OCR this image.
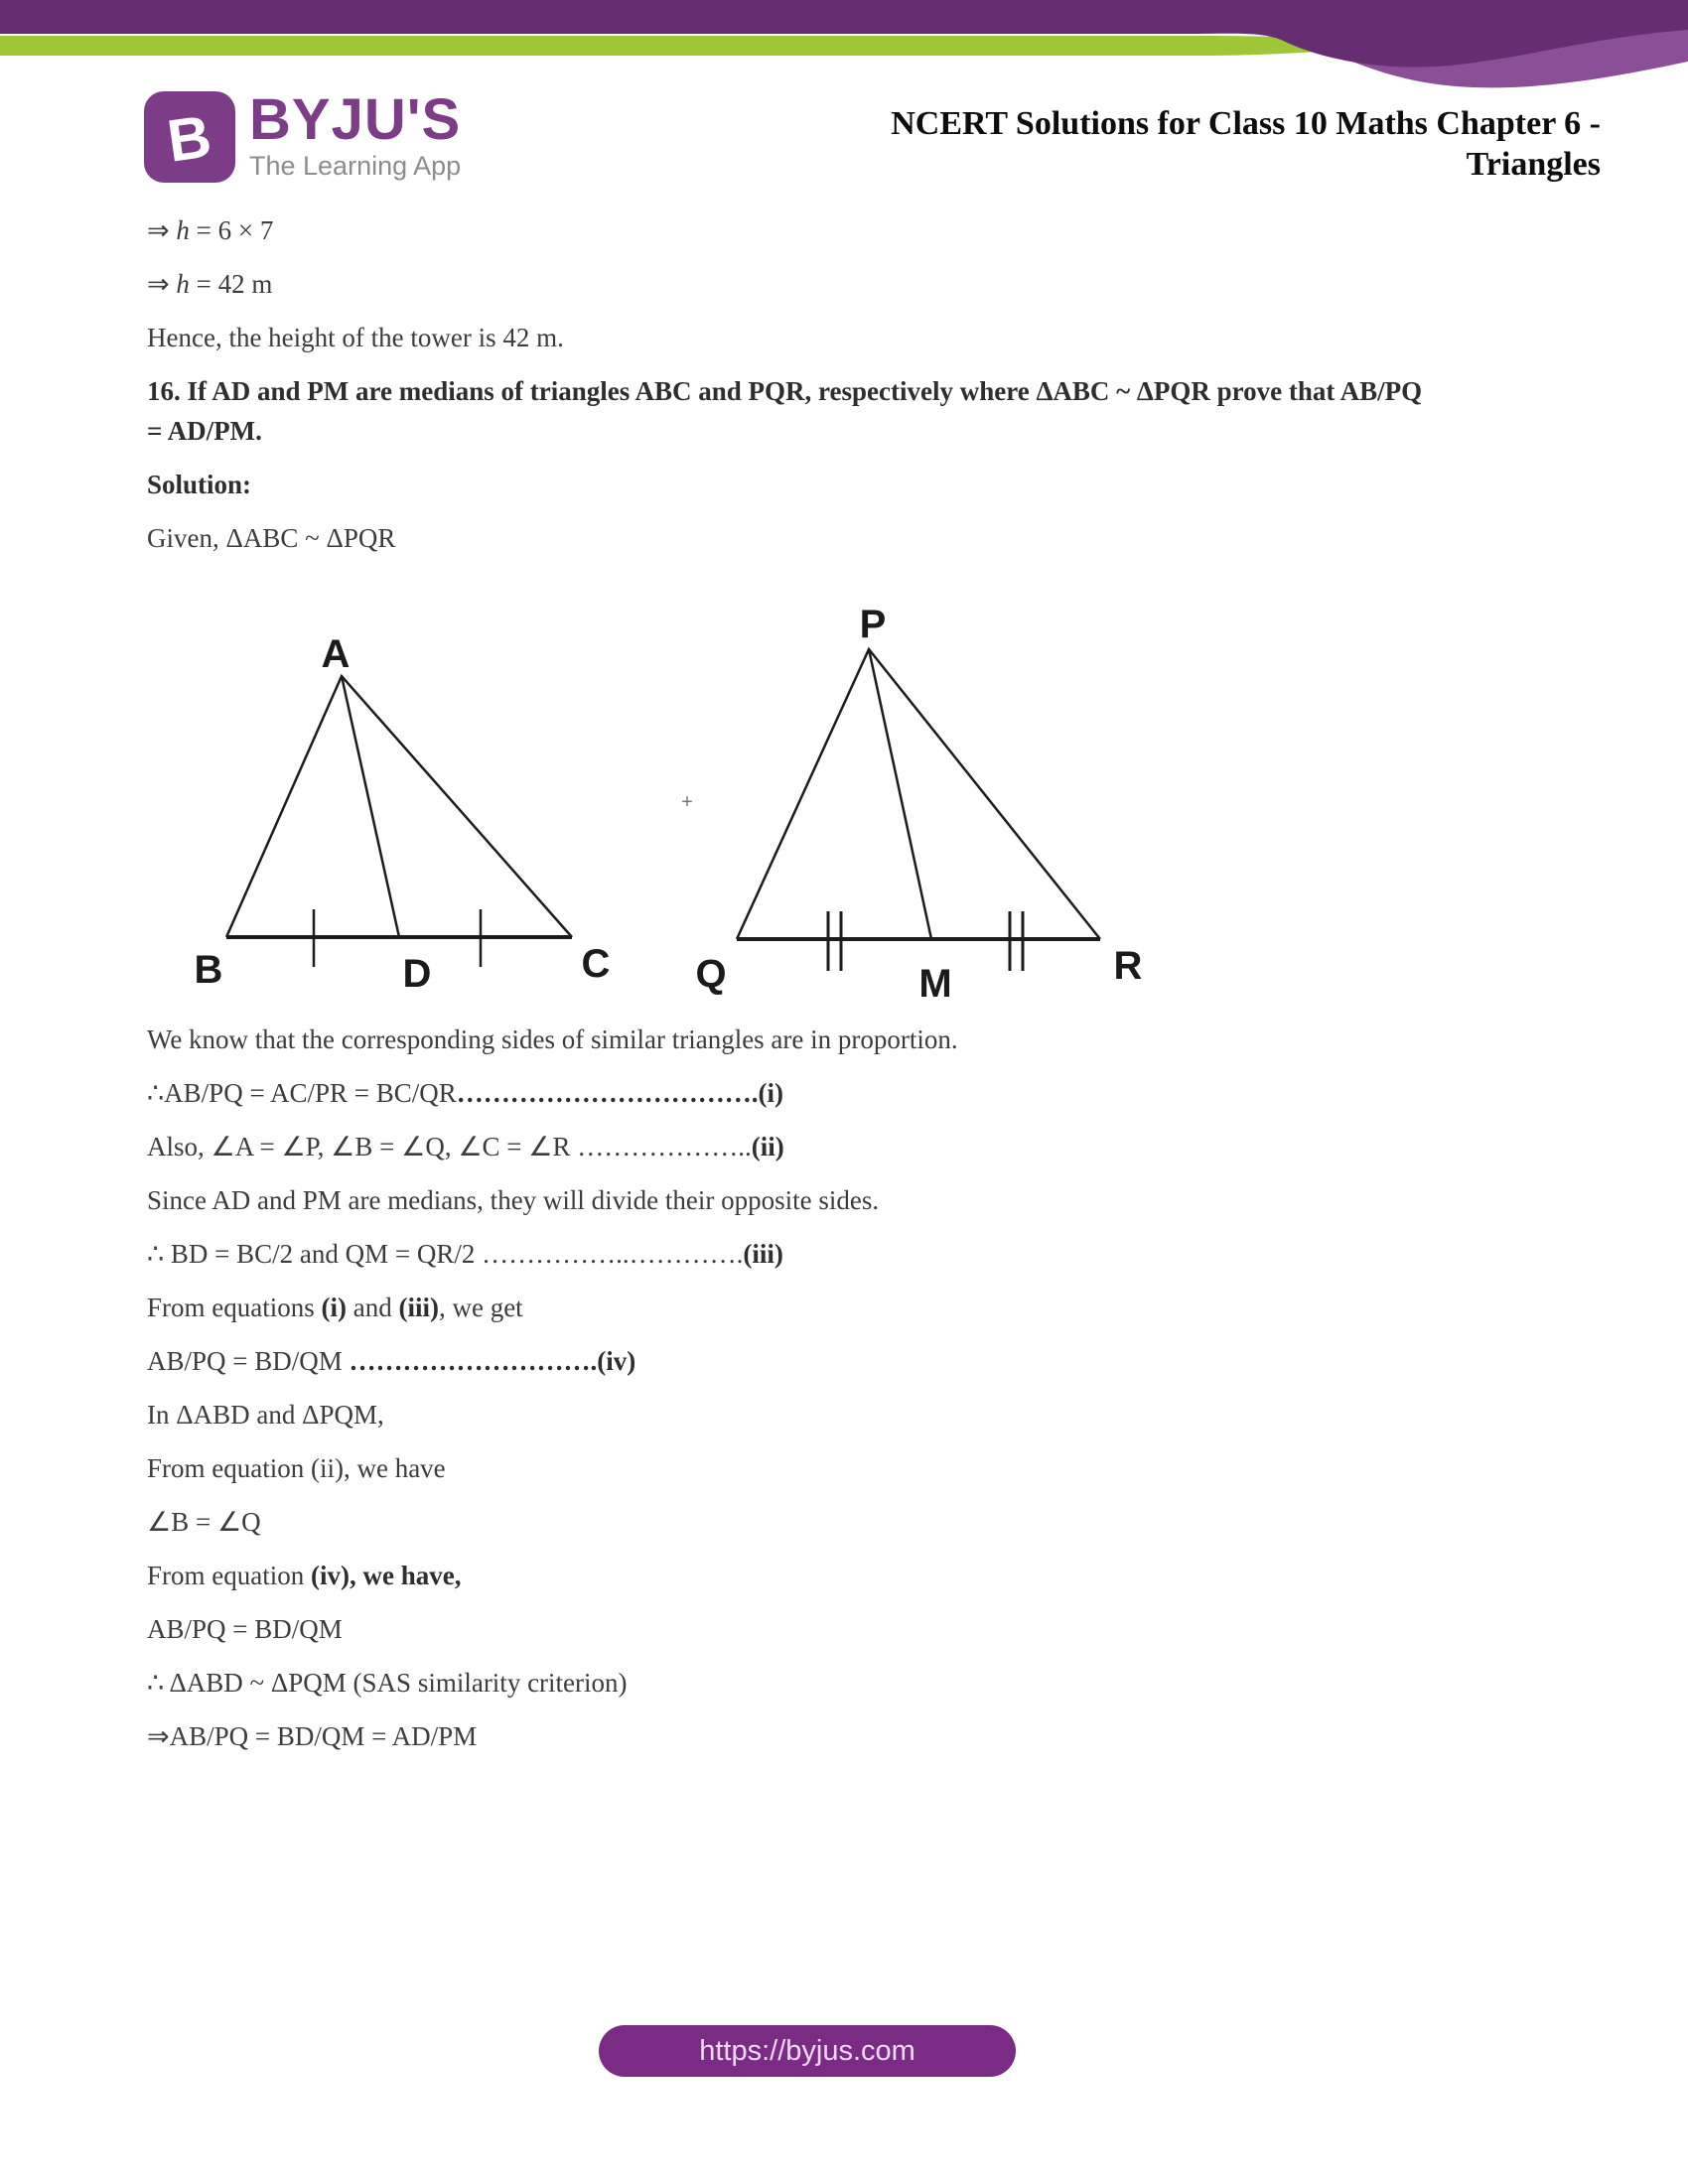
B BYJU'S
The Learning App
NCERT Solutions for Class 10 Maths Chapter 6 -
Triangles

⇒ h = 6 × 7

⇒ h = 42 m

Hence, the height of the tower is 42 m.

16. If AD and PM are medians of triangles ABC and PQR, respectively where ΔABC ~ ΔPQR prove that AB/PQ

= AD/PM.

Solution:

Given, ΔABC ~ ΔPQR

A
B	D	C
+
P
Q	M	R

We know that the corresponding sides of similar triangles are in proportion.

∴AB/PQ = AC/PR = BC/QR…………………………….(i)

Also, ∠A = ∠P, ∠B = ∠Q, ∠C = ∠R ………………..(ii)

Since AD and PM are medians, they will divide their opposite sides.

∴ BD = BC/2 and QM = QR/2 ……………..………….(iii)

From equations (i) and (iii), we get

AB/PQ = BD/QM ……………………….(iv)

In ΔABD and ΔPQM,

From equation (ii), we have

∠B = ∠Q

From equation (iv), we have,

AB/PQ = BD/QM

∴ ΔABD ~ ΔPQM (SAS similarity criterion)

⇒AB/PQ = BD/QM = AD/PM

https://byjus.com
